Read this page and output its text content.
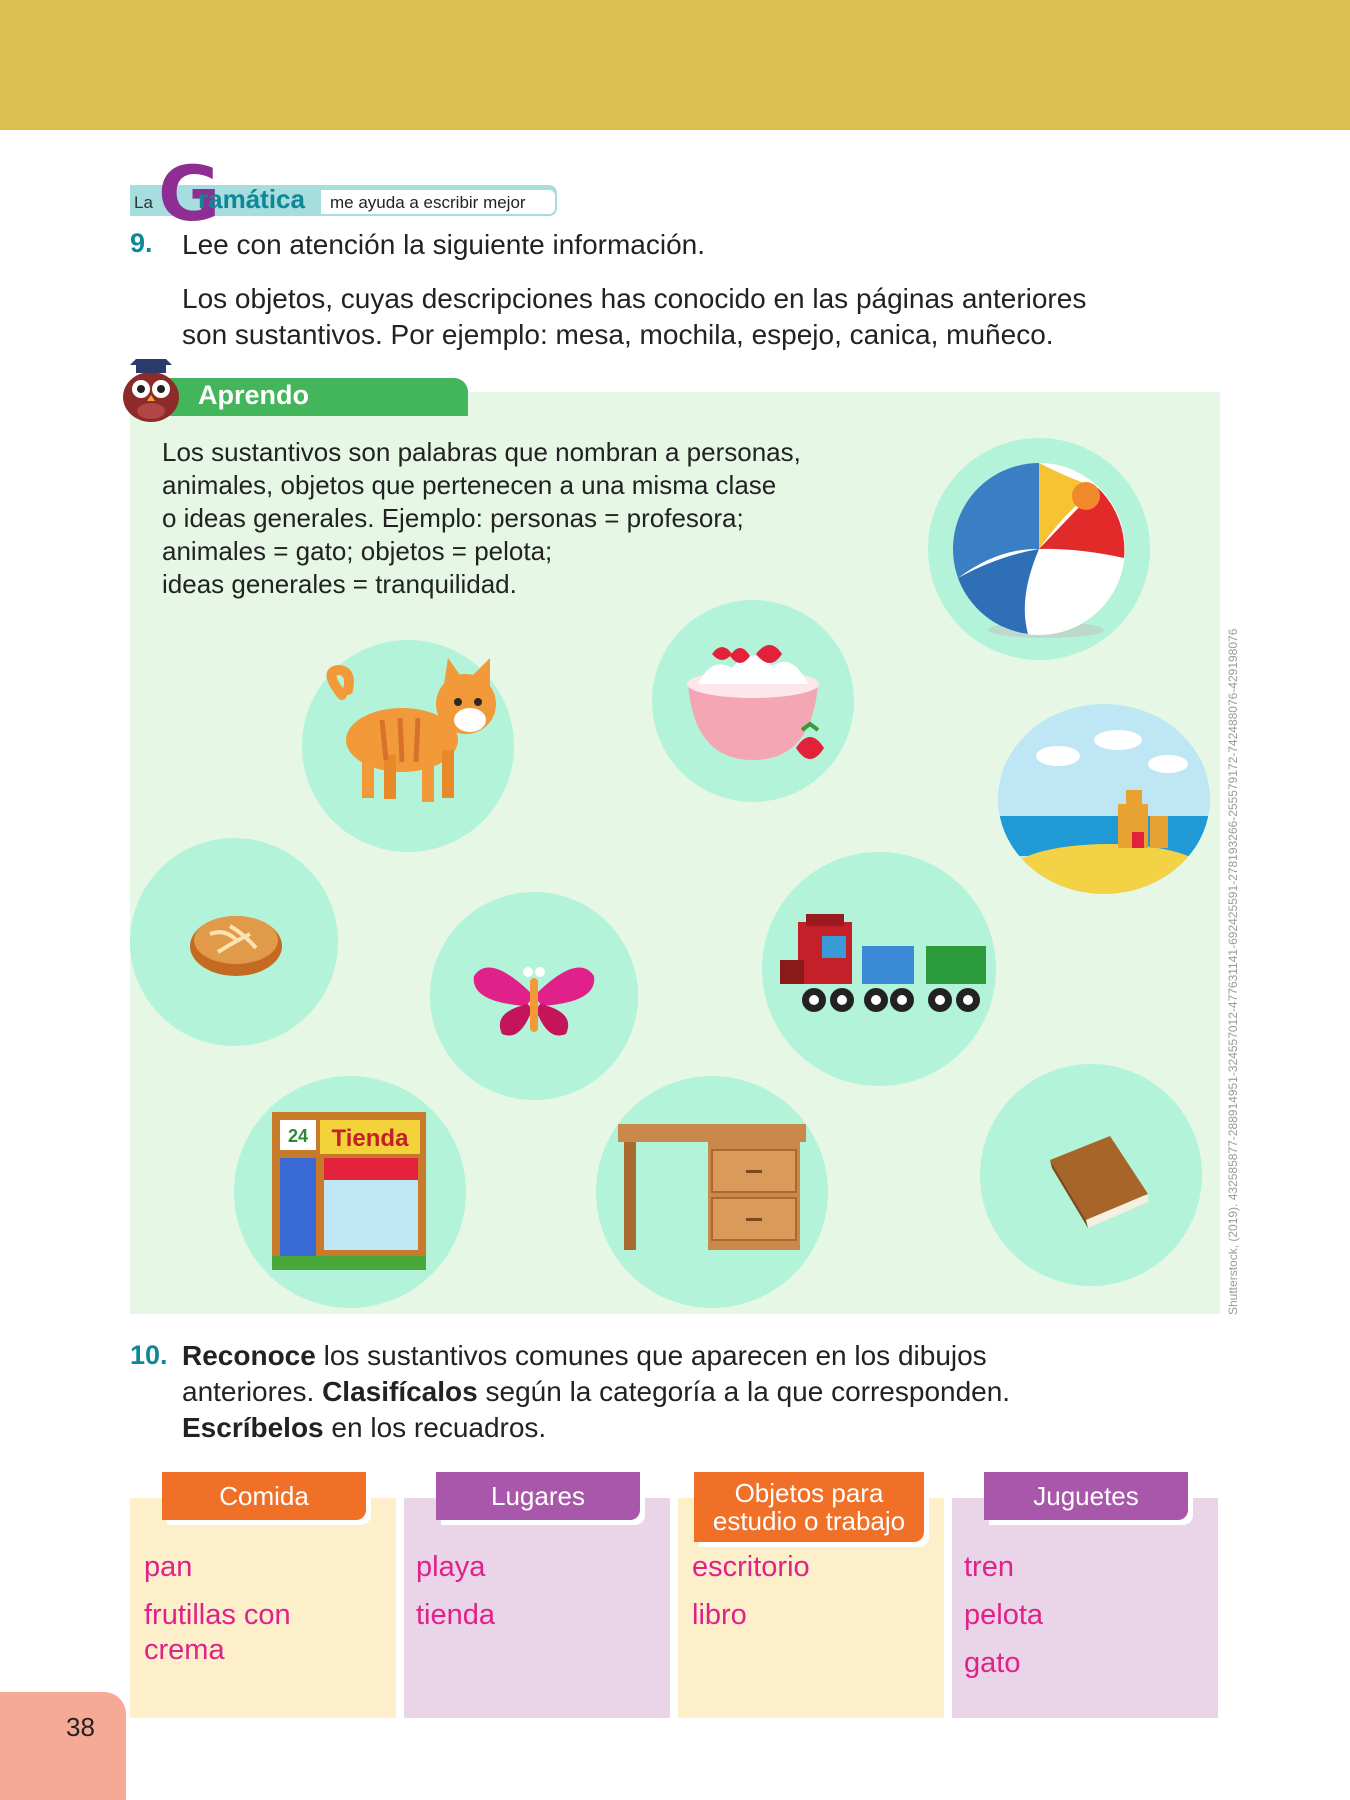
La G
ramática me ayuda a escribir mejor
9. Lee con atención la siguiente información.
Los objetos, cuyas descripciones has conocido en las páginas anteriores
son sustantivos. Por ejemplo: mesa, mochila, espejo, canica, muñeco.
Aprendo
Los sustantivos son palabras que nombran a personas,
animales, objetos que pertenecen a una misma clase
o ideas generales. Ejemplo: personas = profesora;
animales = gato; objetos = pelota;
ideas generales = tranquilidad.
24 Tienda	Shutterstock, (2019). 432585877-288914951-324557012-477631141-692425591-278193266-255579172-742488076-429198076
10. Reconoce los sustantivos comunes que aparecen en los dibujos
anteriores. Clasifícalos según la categoría a la que corresponden.
Escríbelos en los recuadros.
Comida
pan
frutillas con
crema
Lugares
playa
tienda
Objetos para
estudio o trabajo
escritorio
libro
Juguetes
tren
pelota
gato
38
